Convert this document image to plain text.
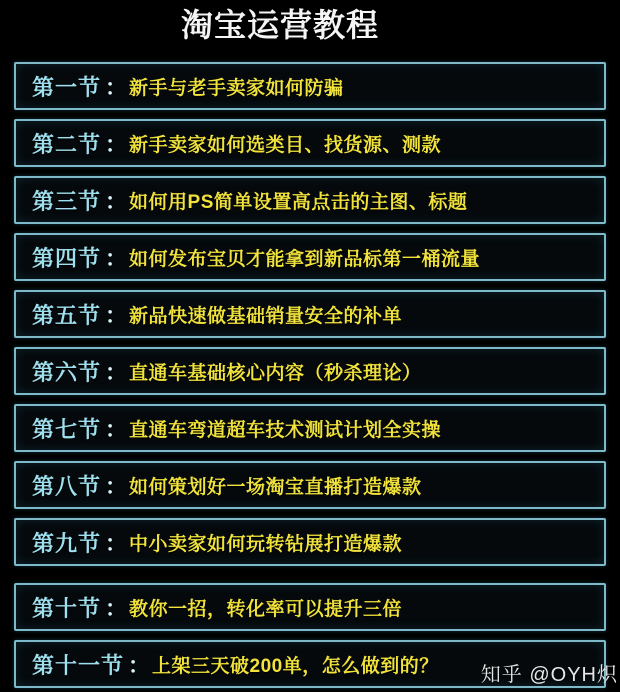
淘宝运营教程
第一节 ： 新手与老手卖家如何防骗
第二节 ： 新手卖家如何选类目、找货源、测款
第三节 ： 如何用PS简单设置高点击的主图、标题
第四节 ： 如何发布宝贝才能拿到新品标第一桶流量
第五节 ： 新品快速做基础销量安全的补单
第六节 ： 直通车基础核心内容（秒杀理论）
第七节 ： 直通车弯道超车技术测试计划全实操
第八节 ： 如何策划好一场淘宝直播打造爆款
第九节 ： 中小卖家如何玩转钻展打造爆款
第十节 ： 教你一招，转化率可以提升三倍
第十一节 ： 上架三天破200单，怎么做到的？ 知乎 @OYH炽
